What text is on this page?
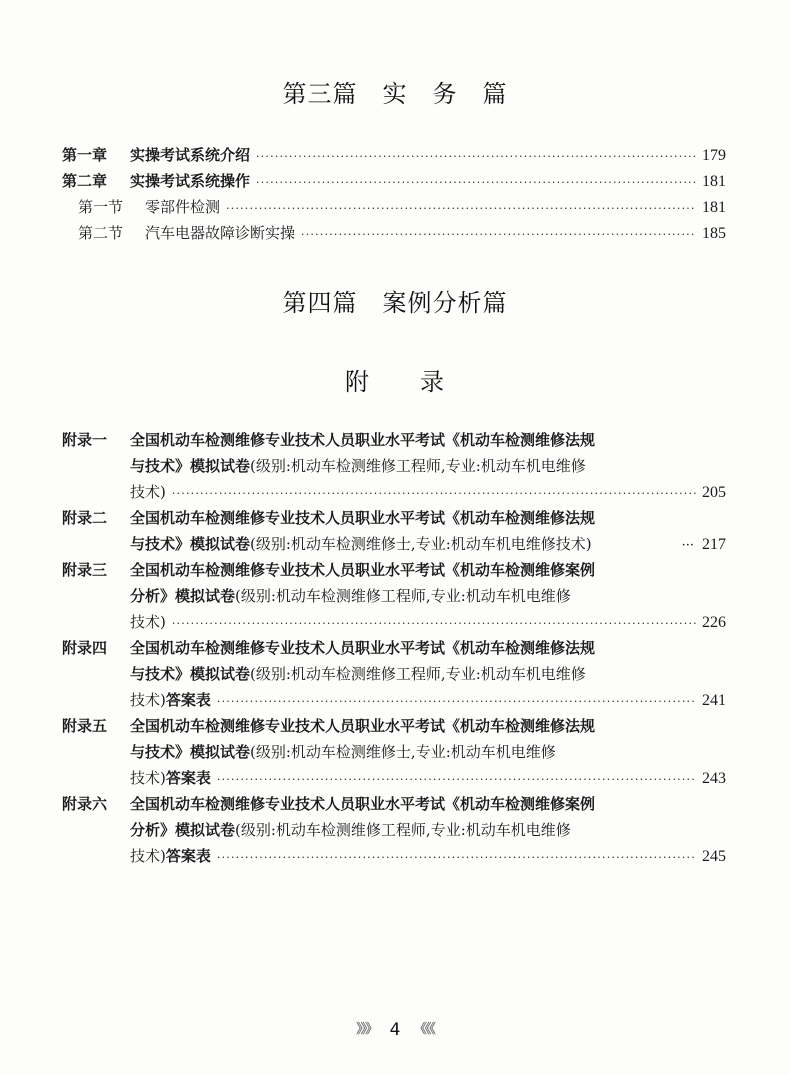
第三篇　实　务　篇
第一章	实操考试系统介绍 ·····	179
第二章	实操考试系统操作 ·····	181
第一节	零部件检测 ·····	181
第二节	汽车电器故障诊断实操 ·····	185
第四篇　案例分析篇
附　　录
附录一	全国机动车检测维修专业技术人员职业水平考试《机动车检测维修法规
与技术》模拟试卷 (级别:机动车检测维修工程师,专业:机动车机电维修
技术) ·····	205
附录二	全国机动车检测维修专业技术人员职业水平考试《机动车检测维修法规
与技术》模拟试卷 (级别:机动车检测维修士,专业:机动车机电维修技术)	··· 217
附录三	全国机动车检测维修专业技术人员职业水平考试《机动车检测维修案例
分析》模拟试卷 (级别:机动车检测维修工程师,专业:机动车机电维修
技术) ·····	226
附录四	全国机动车检测维修专业技术人员职业水平考试《机动车检测维修法规
与技术》模拟试卷 (级别:机动车检测维修工程师,专业:机动车机电维修
技术) 答案表 ·····	241
附录五	全国机动车检测维修专业技术人员职业水平考试《机动车检测维修法规
与技术》模拟试卷 (级别:机动车检测维修士,专业:机动车机电维修
技术) 答案表 ·····	243
附录六	全国机动车检测维修专业技术人员职业水平考试《机动车检测维修案例
分析》模拟试卷 (级别:机动车检测维修工程师,专业:机动车机电维修
技术) 答案表 ·····	245
》》》 4 《《《
